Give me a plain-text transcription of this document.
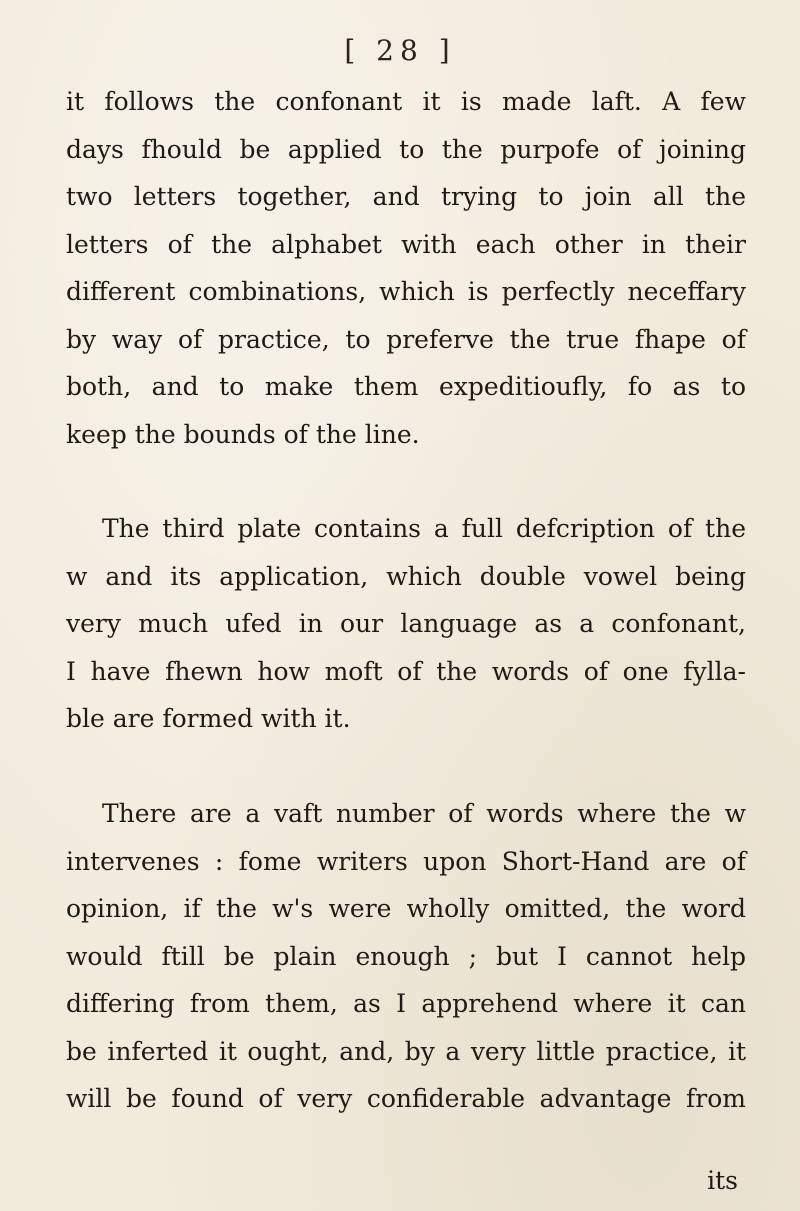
[ 28 ]
it follows the confonant it is made laft. A few
days fhould be applied to the purpofe of joining
two letters together, and trying to join all the
letters of the alphabet with each other in their
different combinations, which is perfectly neceffary
by way of practice, to preferve the true fhape of
both, and to make them expeditioufly, fo as to
keep the bounds of the line.
The third plate contains a full defcription of the
w and its application, which double vowel being
very much ufed in our language as a confonant,
I have fhewn how moft of the words of one fylla-
ble are formed with it.
There are a vaft number of words where the w
intervenes : fome writers upon Short-Hand are of
opinion, if the w's were wholly omitted, the word
would ftill be plain enough ; but I cannot help
differing from them, as I apprehend where it can
be inferted it ought, and, by a very little practice, it
will be found of very confiderable advantage from
its
